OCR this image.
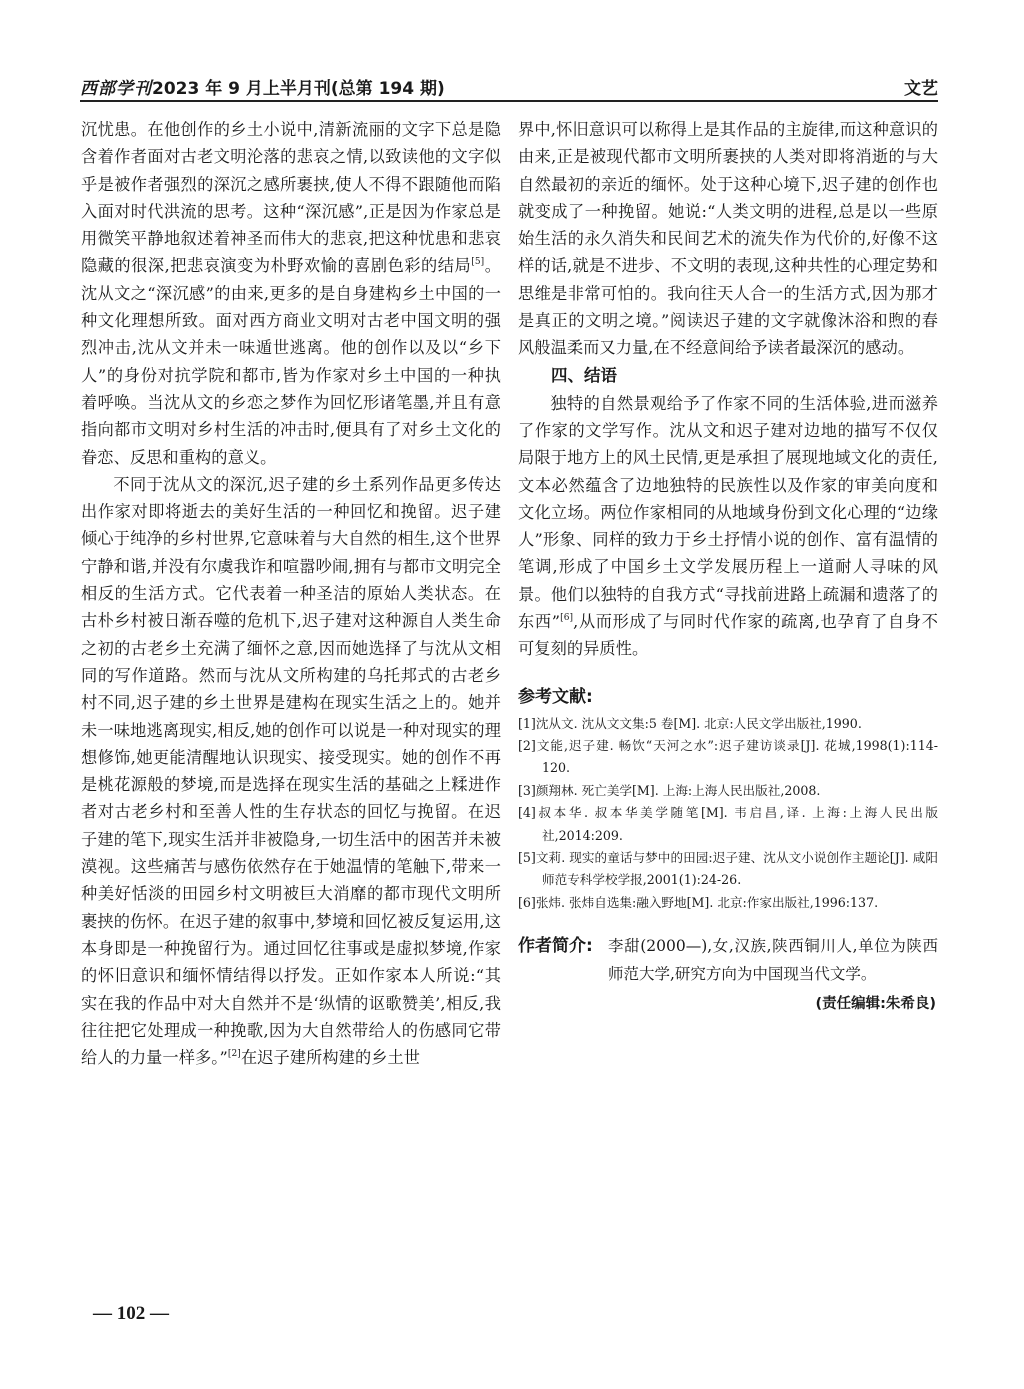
西部学刊2023 年 9 月上半月刊(总第 194 期)	文艺

沉忧患。在他创作的乡土小说中,清新流丽的文字下总是隐含着作者面对古老文明沦落的悲哀之情,以致读他的文字似乎是被作者强烈的深沉之感所裹挟,使人不得不跟随他而陷入面对时代洪流的思考。这种“深沉感”,正是因为作家总是用微笑平静地叙述着神圣而伟大的悲哀,把这种忧患和悲哀隐藏的很深,把悲哀演变为朴野欢愉的喜剧色彩的结局[5]。沈从文之“深沉感”的由来,更多的是自身建构乡土中国的一种文化理想所致。面对西方商业文明对古老中国文明的强烈冲击,沈从文并未一味遁世逃离。他的创作以及以“乡下人”的身份对抗学院和都市,皆为作家对乡土中国的一种执着呼唤。当沈从文的乡恋之梦作为回忆形诸笔墨,并且有意指向都市文明对乡村生活的冲击时,便具有了对乡土文化的眷恋、反思和重构的意义。

不同于沈从文的深沉,迟子建的乡土系列作品更多传达出作家对即将逝去的美好生活的一种回忆和挽留。迟子建倾心于纯净的乡村世界,它意味着与大自然的相生,这个世界宁静和谐,并没有尔虞我诈和喧嚣吵闹,拥有与都市文明完全相反的生活方式。它代表着一种圣洁的原始人类状态。在古朴乡村被日渐吞噬的危机下,迟子建对这种源自人类生命之初的古老乡土充满了缅怀之意,因而她选择了与沈从文相同的写作道路。然而与沈从文所构建的乌托邦式的古老乡村不同,迟子建的乡土世界是建构在现实生活之上的。她并未一味地逃离现实,相反,她的创作可以说是一种对现实的理想修饰,她更能清醒地认识现实、接受现实。她的创作不再是桃花源般的梦境,而是选择在现实生活的基础之上糅进作者对古老乡村和至善人性的生存状态的回忆与挽留。在迟子建的笔下,现实生活并非被隐身,一切生活中的困苦并未被漠视。这些痛苦与感伤依然存在于她温情的笔触下,带来一种美好恬淡的田园乡村文明被巨大消靡的都市现代文明所裹挟的伤怀。在迟子建的叙事中,梦境和回忆被反复运用,这本身即是一种挽留行为。通过回忆往事或是虚拟梦境,作家的怀旧意识和缅怀情结得以抒发。正如作家本人所说:“其实在我的作品中对大自然并不是‘纵情的讴歌赞美’,相反,我往往把它处理成一种挽歌,因为大自然带给人的伤感同它带给人的力量一样多。”[2]在迟子建所构建的乡土世

界中,怀旧意识可以称得上是其作品的主旋律,而这种意识的由来,正是被现代都市文明所裹挟的人类对即将消逝的与大自然最初的亲近的缅怀。处于这种心境下,迟子建的创作也就变成了一种挽留。她说:“人类文明的进程,总是以一些原始生活的永久消失和民间艺术的流失作为代价的,好像不这样的话,就是不进步、不文明的表现,这种共性的心理定势和思维是非常可怕的。我向往天人合一的生活方式,因为那才是真正的文明之境。”阅读迟子建的文字就像沐浴和煦的春风般温柔而又力量,在不经意间给予读者最深沉的感动。

四、结语

独特的自然景观给予了作家不同的生活体验,进而滋养了作家的文学写作。沈从文和迟子建对边地的描写不仅仅局限于地方上的风土民情,更是承担了展现地域文化的责任,文本必然蕴含了边地独特的民族性以及作家的审美向度和文化立场。两位作家相同的从地域身份到文化心理的“边缘人”形象、同样的致力于乡土抒情小说的创作、富有温情的笔调,形成了中国乡土文学发展历程上一道耐人寻味的风景。他们以独特的自我方式“寻找前进路上疏漏和遗落了的东西”[6],从而形成了与同时代作家的疏离,也孕育了自身不可复刻的异质性。

参考文献:

[1]沈从文. 沈从文文集:5 卷[M]. 北京:人民文学出版社,1990.
[2]文能,迟子建. 畅饮“天河之水”:迟子建访谈录[J]. 花城,1998(1):114-120.
[3]颜翔林. 死亡美学[M]. 上海:上海人民出版社,2008.
[4]叔本华. 叔本华美学随笔[M]. 韦启昌,译. 上海:上海人民出版社,2014:209.
[5]文莉. 现实的童话与梦中的田园:迟子建、沈从文小说创作主题论[J]. 咸阳师范专科学校学报,2001(1):24-26.
[6]张炜. 张炜自选集:融入野地[M]. 北京:作家出版社,1996:137.
作者简介: 李甜(2000—),女,汉族,陕西铜川人,单位为陕西师范大学,研究方向为中国现当代文学。
(责任编辑:朱希良)
— 102 —
